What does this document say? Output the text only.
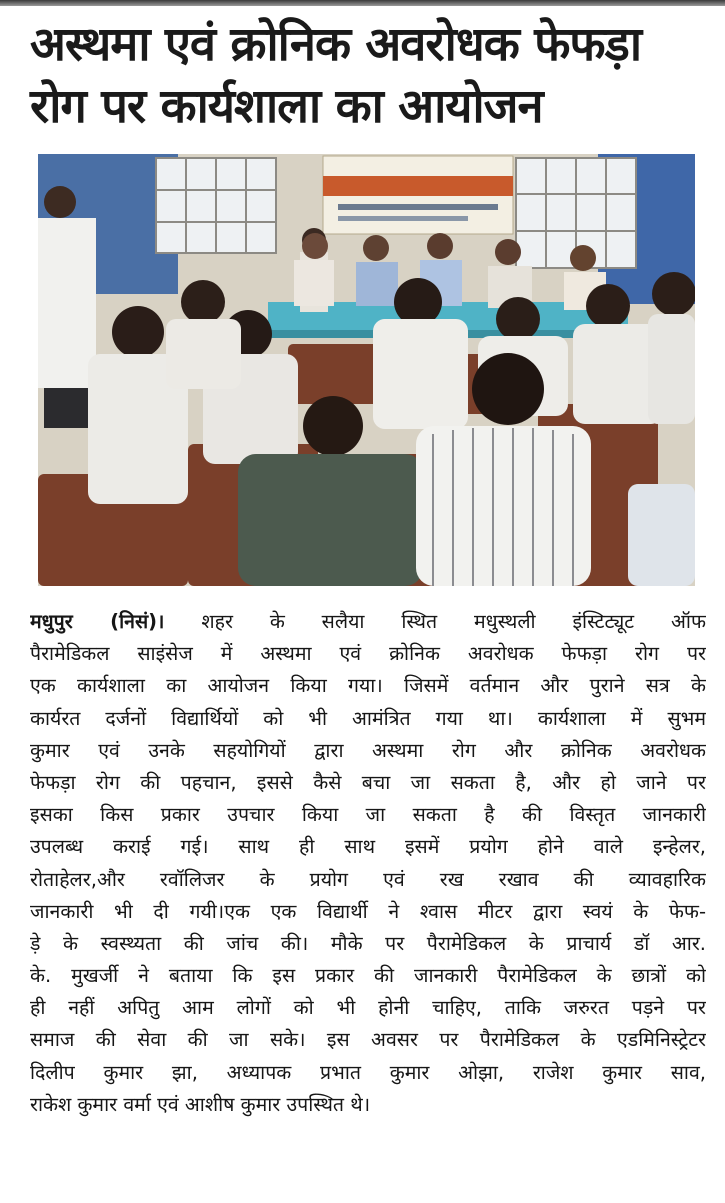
अस्थमा एवं क्रोनिक अवरोधक फेफड़ा
रोग पर कार्यशाला का आयोजन
मधुपुर (निसं)। शहर के सलैया स्थित मधुस्थली इंस्टिट्यूट ऑफ
पैरामेडिकल साइंसेज में अस्थमा एवं क्रोनिक अवरोधक फेफड़ा रोग पर
एक कार्यशाला का आयोजन किया गया। जिसमें वर्तमान और पुराने सत्र के
कार्यरत दर्जनों विद्यार्थियों को भी आमंत्रित गया था। कार्यशाला में सुभम
कुमार एवं उनके सहयोगियों द्वारा अस्थमा रोग और क्रोनिक अवरोधक
फेफड़ा रोग की पहचान, इससे कैसे बचा जा सकता है, और हो जाने पर
इसका किस प्रकार उपचार किया जा सकता है की विस्तृत जानकारी
उपलब्ध कराई गई। साथ ही साथ इसमें प्रयोग होने वाले इन्हेलर,
रोताहेलर,और रवॉलिजर के प्रयोग एवं रख रखाव की व्यावहारिक
जानकारी भी दी गयी।एक एक विद्यार्थी ने श्वास मीटर द्वारा स्वयं के फेफ-
ड़े के स्वस्थ्यता की जांच की। मौके पर पैरामेडिकल के प्राचार्य डॉ आर.
के. मुखर्जी ने बताया कि इस प्रकार की जानकारी पैरामेडिकल के छात्रों को
ही नहीं अपितु आम लोगों को भी होनी चाहिए, ताकि जरुरत पड़ने पर
समाज की सेवा की जा सके। इस अवसर पर पैरामेडिकल के एडमिनिस्ट्रेटर
दिलीप कुमार झा, अध्यापक प्रभात कुमार ओझा, राजेश कुमार साव,
राकेश कुमार वर्मा एवं आशीष कुमार उपस्थित थे।
